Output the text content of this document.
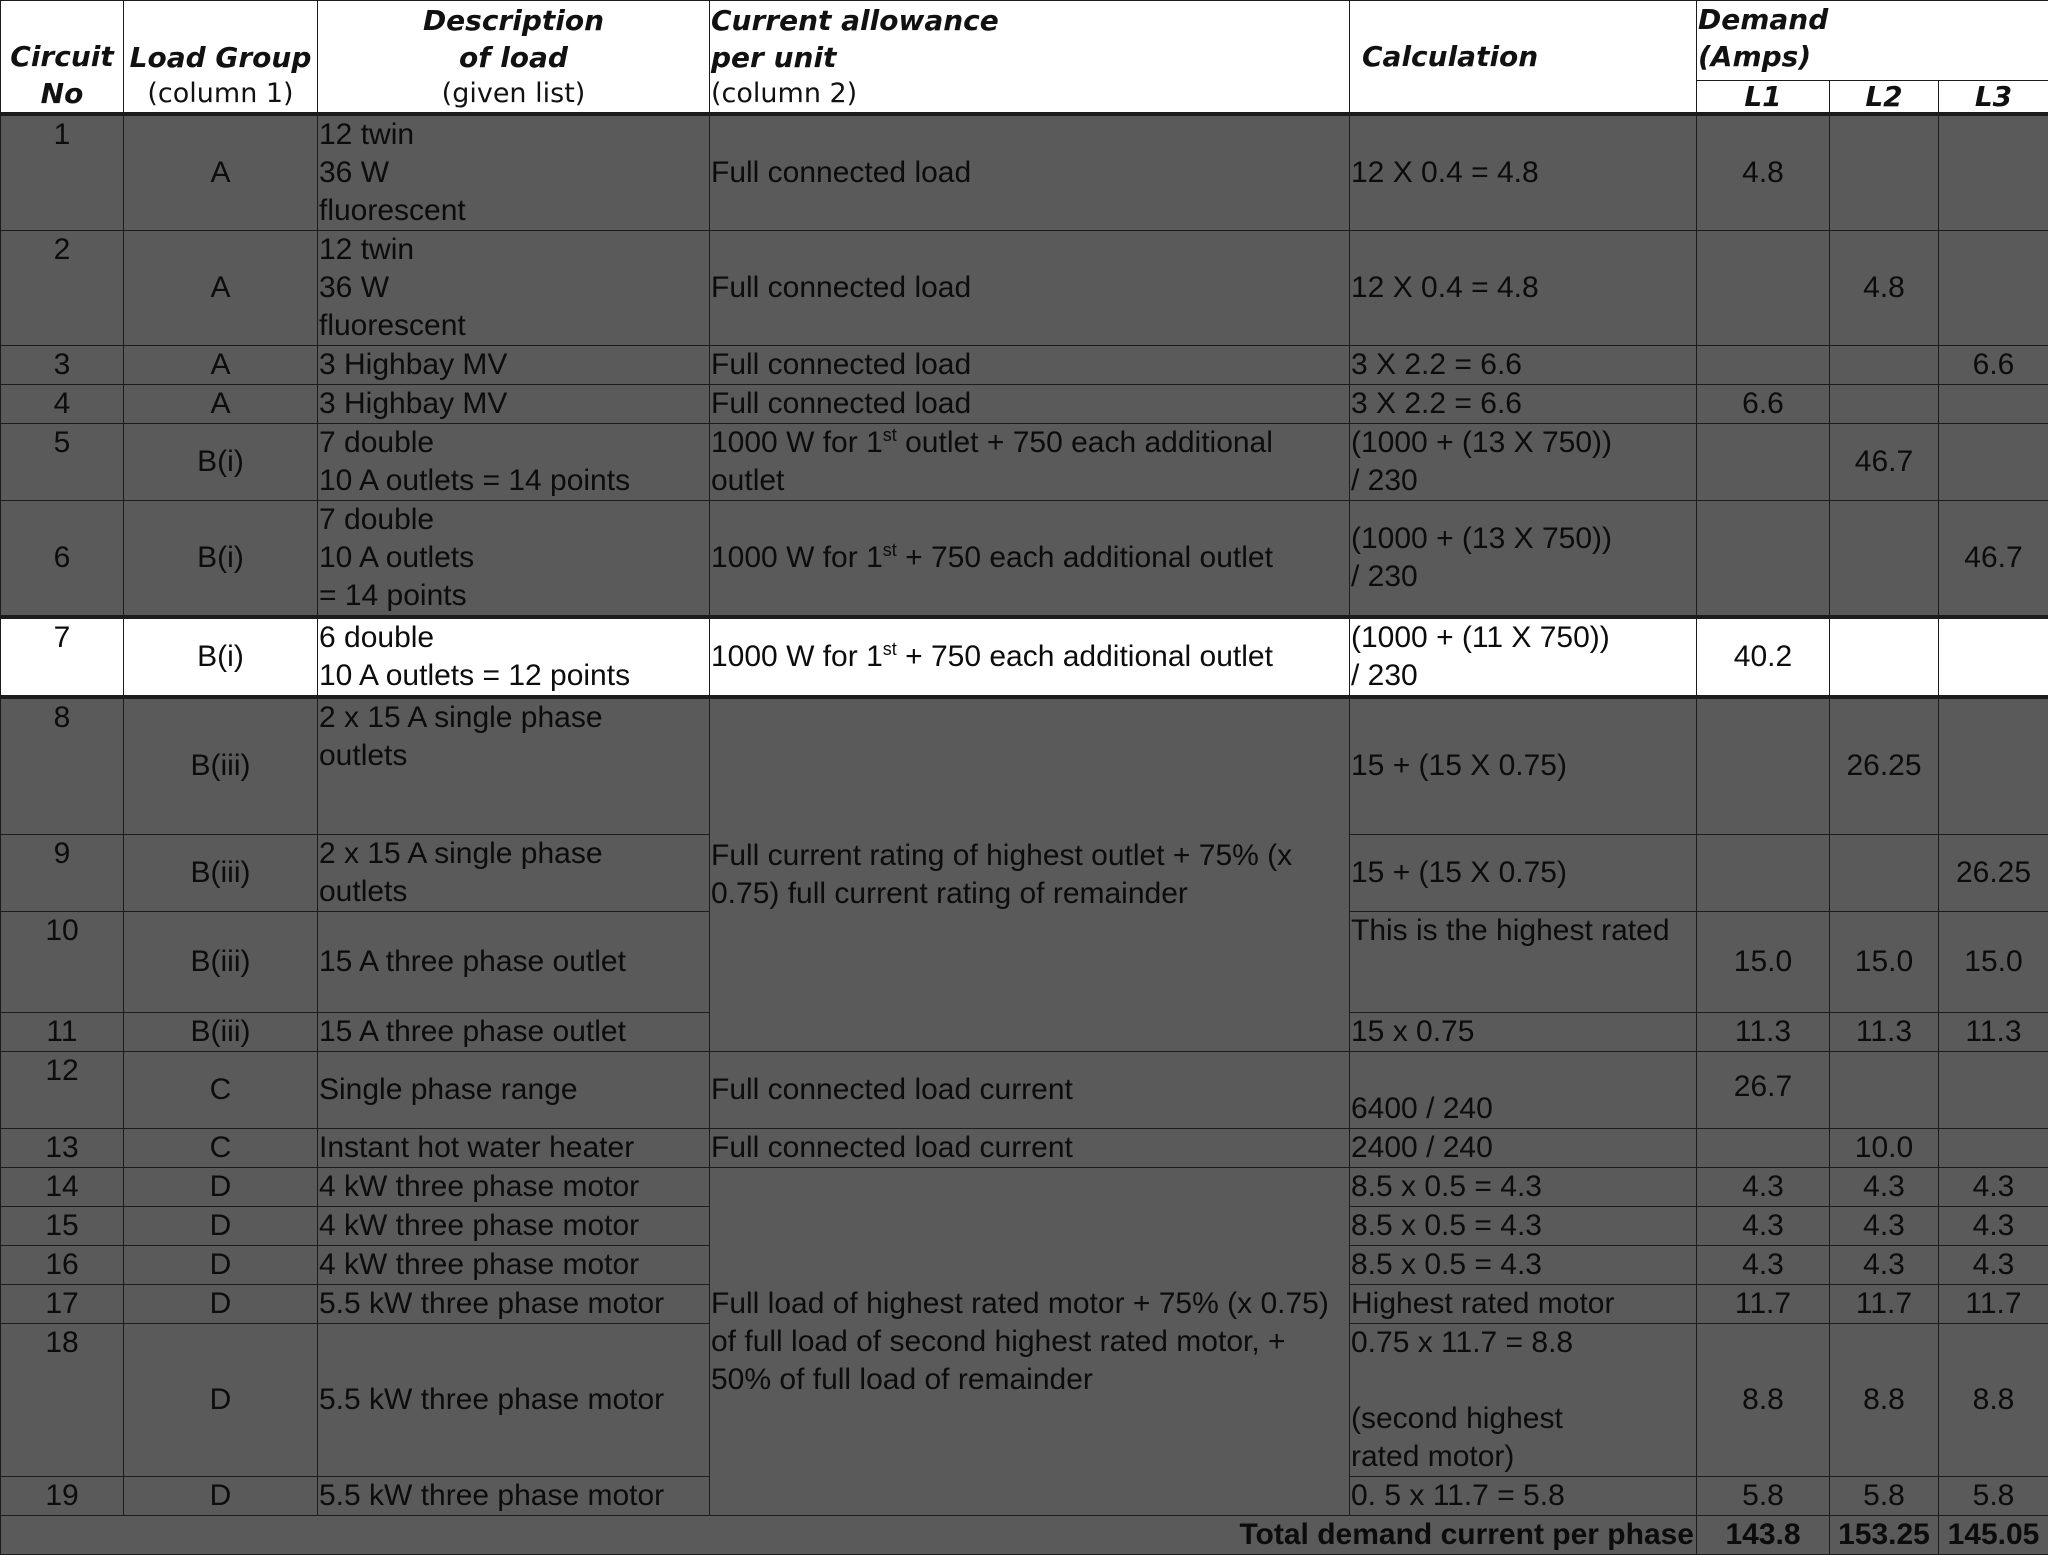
Circuit
No	Load Group
(column 1)	Description
of load
(given list)	Current allowance
per unit
(column 2)	Calculation	Demand
(Amps)		

					L1	L2	L3

1	A	12 twin
36 W
fluorescent	Full connected load	12 X 0.4 = 4.8	4.8		
2	A	12 twin
36 W
fluorescent	Full connected load	12 X 0.4 = 4.8		4.8	
3	A	3 Highbay MV	Full connected load	3 X 2.2 = 6.6			6.6
4	A	3 Highbay MV	Full connected load	3 X 2.2 = 6.6	6.6		
5	B(i)	7 double
10 A outlets = 14 points	1000 W for 1st outlet + 750 each additional outlet	(1000 + (13 X 750))
/ 230		46.7	
6	B(i)	7 double
10 A outlets
= 14 points	1000 W for 1st + 750 each additional outlet	(1000 + (13 X 750))
/ 230			46.7
7	B(i)	6 double
10 A outlets = 12 points	1000 W for 1st + 750 each additional outlet	(1000 + (11 X 750))
/ 230	40.2		
8	B(iii)	2 x 15 A single phase
outlets	Full current rating of highest outlet + 75% (x 0.75) full current rating of remainder	15 + (15 X 0.75)		26.25	
9	B(iii)	2 x 15 A single phase
outlets		15 + (15 X 0.75)			26.25
10	B(iii)	15 A three phase outlet		This is the highest rated	15.0	15.0	15.0
11	B(iii)	15 A three phase outlet		15 x 0.75	11.3	11.3	11.3
12	C	Single phase range	Full connected load current	6400 / 240	26.7		
13	C	Instant hot water heater	Full connected load current	2400 / 240		10.0	
14	D	4 kW three phase motor	Full load of highest rated motor + 75% (x 0.75) of full load of second highest rated motor, + 50% of full load of remainder	8.5 x 0.5 = 4.3	4.3	4.3	4.3
15	D	4 kW three phase motor		8.5 x 0.5 = 4.3	4.3	4.3	4.3
16	D	4 kW three phase motor		8.5 x 0.5 = 4.3	4.3	4.3	4.3
17	D	5.5 kW three phase motor		Highest rated motor	11.7	11.7	11.7
18	D	5.5 kW three phase motor		0.75 x 11.7 = 8.8

(second highest
rated motor)	8.8	8.8	8.8
19	D	5.5 kW three phase motor		0. 5 x 11.7 = 5.8	5.8	5.8	5.8
Total demand current per phase					143.8	153.25	145.05
